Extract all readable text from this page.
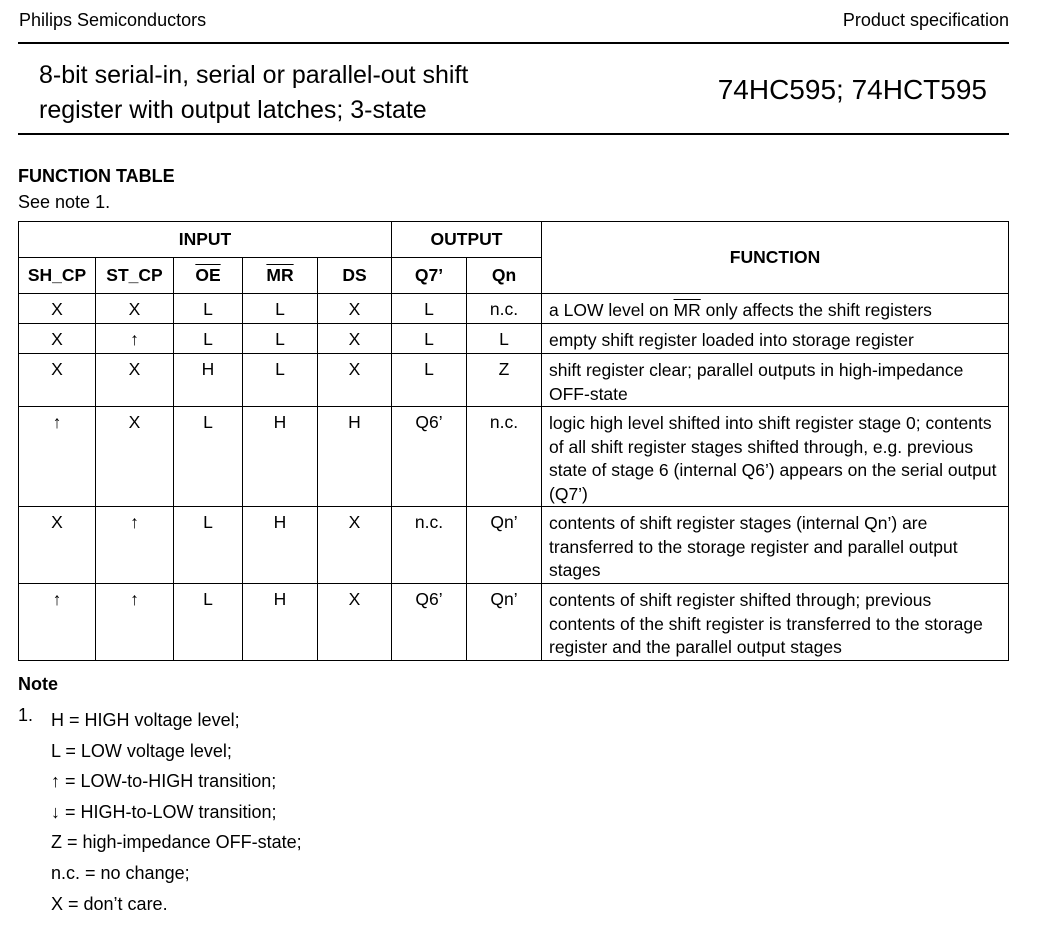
Philips Semiconductors	Product specification
8-bit serial-in, serial or parallel-out shift
register with output latches; 3-state
74HC595; 74HCT595
FUNCTION TABLE
See note 1.
INPUT					OUTPUT		FUNCTION
SH_CP	ST_CP	$\overline{OE}$	$\overline{MR}$	DS	Q7’	Qn	
X	X	L	L	X	L	n.c.	a LOW level on $\overline{MR}$ only affects the shift registers
X	↑	L	L	X	L	L	empty shift register loaded into storage register
X	X	H	L	X	L	Z	shift register clear; parallel outputs in high-impedance OFF-state
↑	X	L	H	H	Q6’	n.c.	logic high level shifted into shift register stage 0; contents of all shift register stages shifted through, e.g. previous state of stage 6 (internal Q6’) appears on the serial output (Q7’)
X	↑	L	H	X	n.c.	Qn’	contents of shift register stages (internal Qn’) are transferred to the storage register and parallel output stages
↑	↑	L	H	X	Q6’	Qn’	contents of shift register shifted through; previous contents of the shift register is transferred to the storage register and the parallel output stages
Note
1. H = HIGH voltage level;
L = LOW voltage level;
↑ = LOW-to-HIGH transition;
↓ = HIGH-to-LOW transition;
Z = high-impedance OFF-state;
n.c. = no change;
X = don’t care.
